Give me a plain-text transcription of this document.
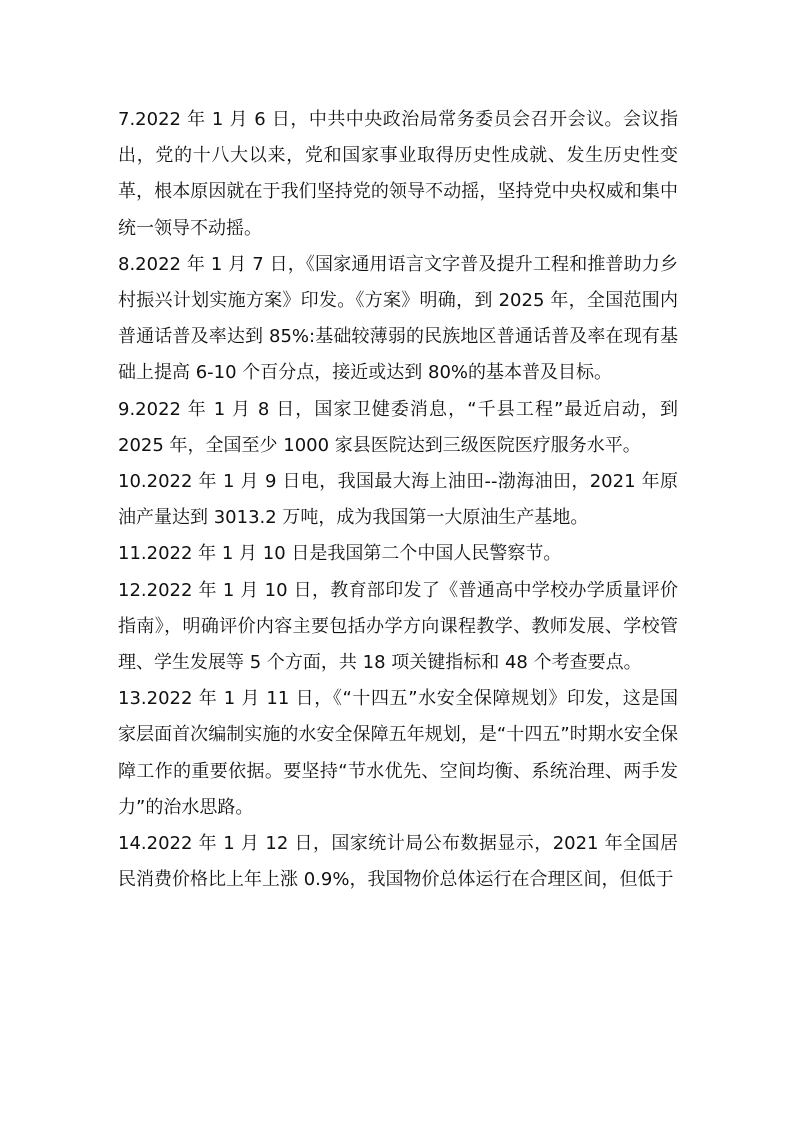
7.2022 年 1 月 6 日，中共中央政治局常务委员会召开会议。会议指出，党的十八大以来，党和国家事业取得历史性成就、发生历史性变革，根本原因就在于我们坚持党的领导不动摇，坚持党中央权威和集中统一领导不动摇。

8.2022 年 1 月 7 日，《国家通用语言文字普及提升工程和推普助力乡村振兴计划实施方案》印发。《方案》明确，到 2025 年，全国范围内普通话普及率达到 85%:基础较薄弱的民族地区普通话普及率在现有基础上提高 6-10 个百分点，接近或达到 80%的基本普及目标。

9.2022 年 1 月 8 日，国家卫健委消息，“千县工程”最近启动，到 2025 年，全国至少 1000 家县医院达到三级医院医疗服务水平。

10.2022 年 1 月 9 日电，我国最大海上油田--渤海油田，2021 年原油产量达到 3013.2 万吨，成为我国第一大原油生产基地。

11.2022 年 1 月 10 日是我国第二个中国人民警察节。

12.2022 年 1 月 10 日，教育部印发了《普通高中学校办学质量评价指南》，明确评价内容主要包括办学方向课程教学、教师发展、学校管理、学生发展等 5 个方面，共 18 项关键指标和 48 个考查要点。

13.2022 年 1 月 11 日，《“十四五”水安全保障规划》印发，这是国家层面首次编制实施的水安全保障五年规划，是“十四五”时期水安全保障工作的重要依据。要坚持“节水优先、空间均衡、系统治理、两手发力”的治水思路。

14.2022 年 1 月 12 日，国家统计局公布数据显示，2021 年全国居民消费价格比上年上涨 0.9%，我国物价总体运行在合理区间，但低于
